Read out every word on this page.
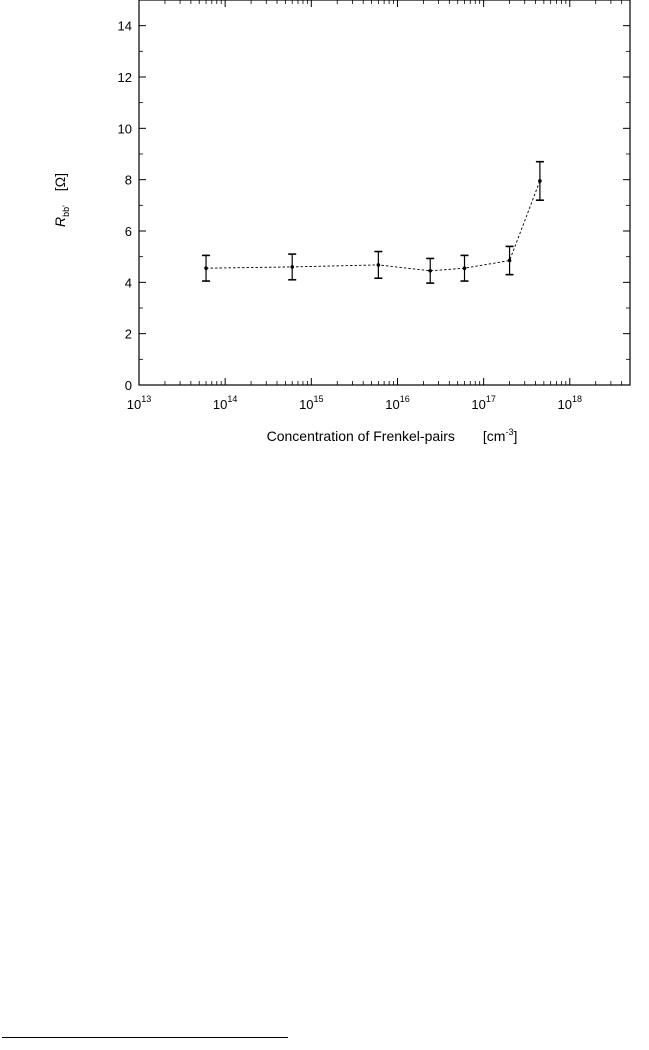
$10^{13}$	$10^{14}$	$10^{15}$	$10^{16}$	$10^{17}$	$10^{18}$
0
2
4
6
8
10
12
14
Concentration of Frenkel-pairs $[cm^{-3}]$
$R_{bb'}[\Omega]$
